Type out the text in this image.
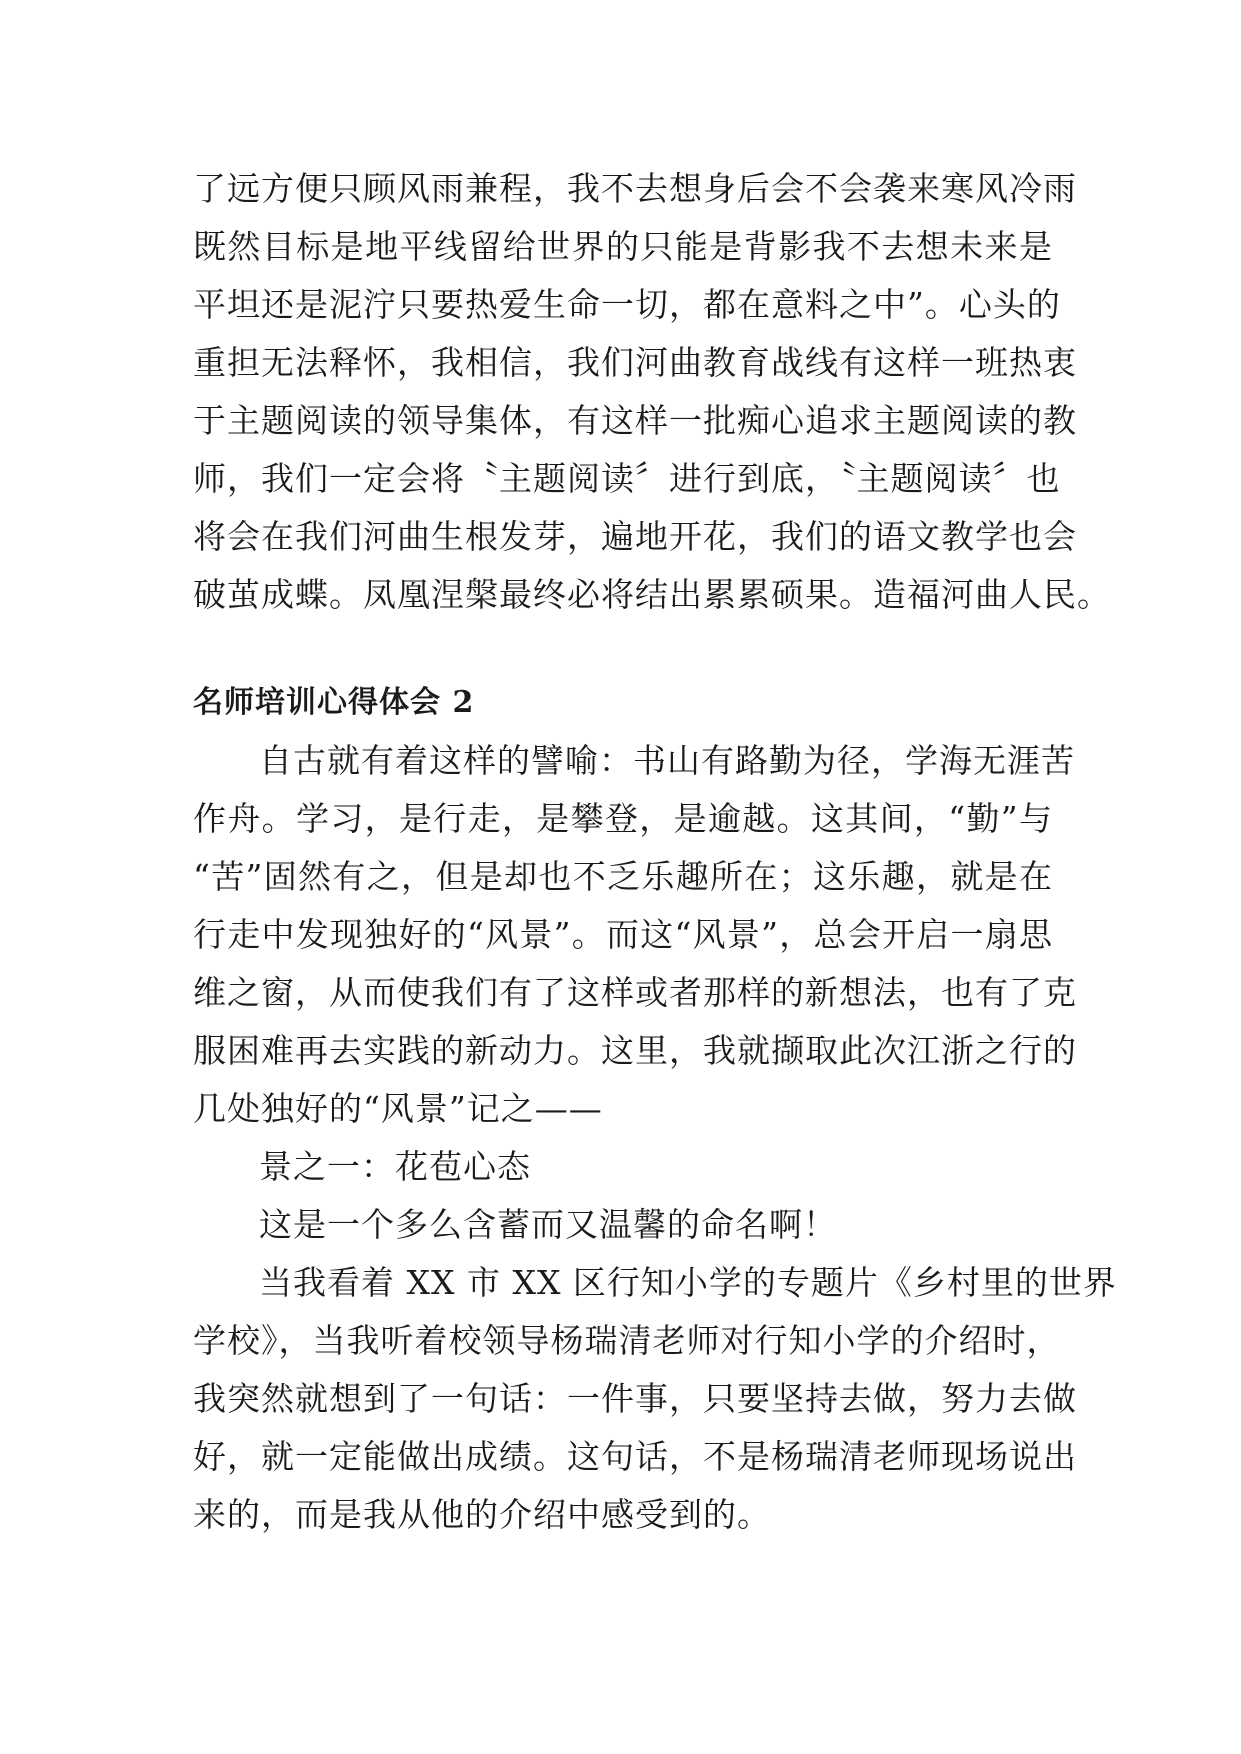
了远方便只顾风雨兼程，我不去想身后会不会袭来寒风冷雨
既然目标是地平线留给世界的只能是背影我不去想未来是
平坦还是泥泞只要热爱生命一切，都在意料之中”。心头的
重担无法释怀，我相信，我们河曲教育战线有这样一班热衷
于主题阅读的领导集体，有这样一批痴心追求主题阅读的教
师，我们一定会将〝主题阅读〞进行到底，〝主题阅读〞也
将会在我们河曲生根发芽，遍地开花，我们的语文教学也会
破茧成蝶。凤凰涅槃最终必将结出累累硕果。造福河曲人民。

名师培训心得体会 2

自古就有着这样的譬喻：书山有路勤为径，学海无涯苦
作舟。学习，是行走，是攀登，是逾越。这其间，“勤”与
“苦”固然有之，但是却也不乏乐趣所在；这乐趣，就是在
行走中发现独好的“风景”。而这“风景”，总会开启一扇思
维之窗，从而使我们有了这样或者那样的新想法，也有了克
服困难再去实践的新动力。这里，我就撷取此次江浙之行的
几处独好的“风景”记之——

景之一：花苞心态

这是一个多么含蓄而又温馨的命名啊！

当我看着 XX 市 XX 区行知小学的专题片《乡村里的世界
学校》，当我听着校领导杨瑞清老师对行知小学的介绍时，
我突然就想到了一句话：一件事，只要坚持去做，努力去做
好，就一定能做出成绩。这句话，不是杨瑞清老师现场说出
来的，而是我从他的介绍中感受到的。
